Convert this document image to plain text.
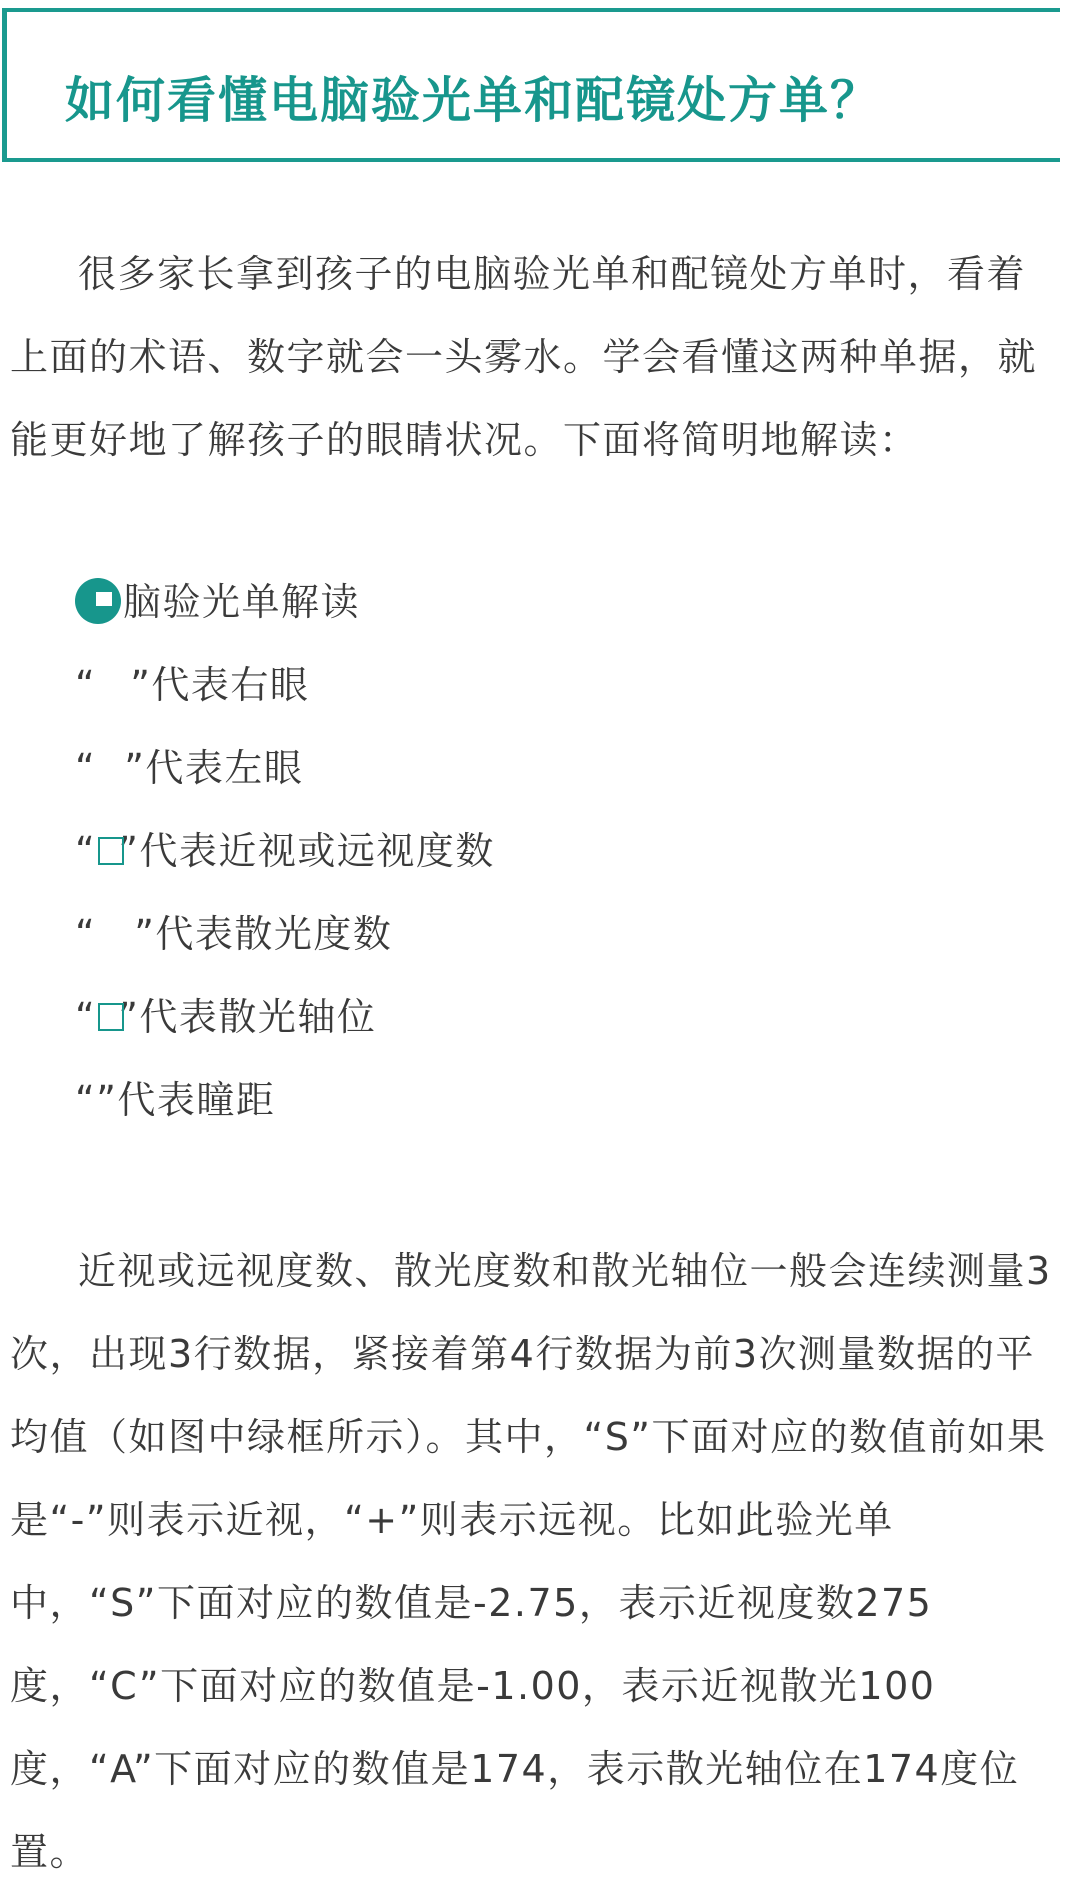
如何看懂电脑验光单和配镜处方单？

很多家长拿到孩子的电脑验光单和配镜处方单时，看着上面的术语、数字就会一头雾水。学会看懂这两种单据，就能更好地了解孩子的眼睛状况。下面将简明地解读：

脑验光单解读
“ ”代表右眼
“ ”代表左眼
“ ”代表近视或远视度数
“ ”代表散光度数
“ ”代表散光轴位
“”代表瞳距

近视或远视度数、散光度数和散光轴位一般会连续测量3次，出现3行数据，紧接着第4行数据为前3次测量数据的平均值（如图中绿框所示）。其中，“S”下面对应的数值前如果是“-”则表示近视，“+”则表示远视。比如此验光单中，“S”下面对应的数值是-2.75，表示近视度数275度，“C”下面对应的数值是-1.00，表示近视散光100度，“A”下面对应的数值是174，表示散光轴位在174度位置。
